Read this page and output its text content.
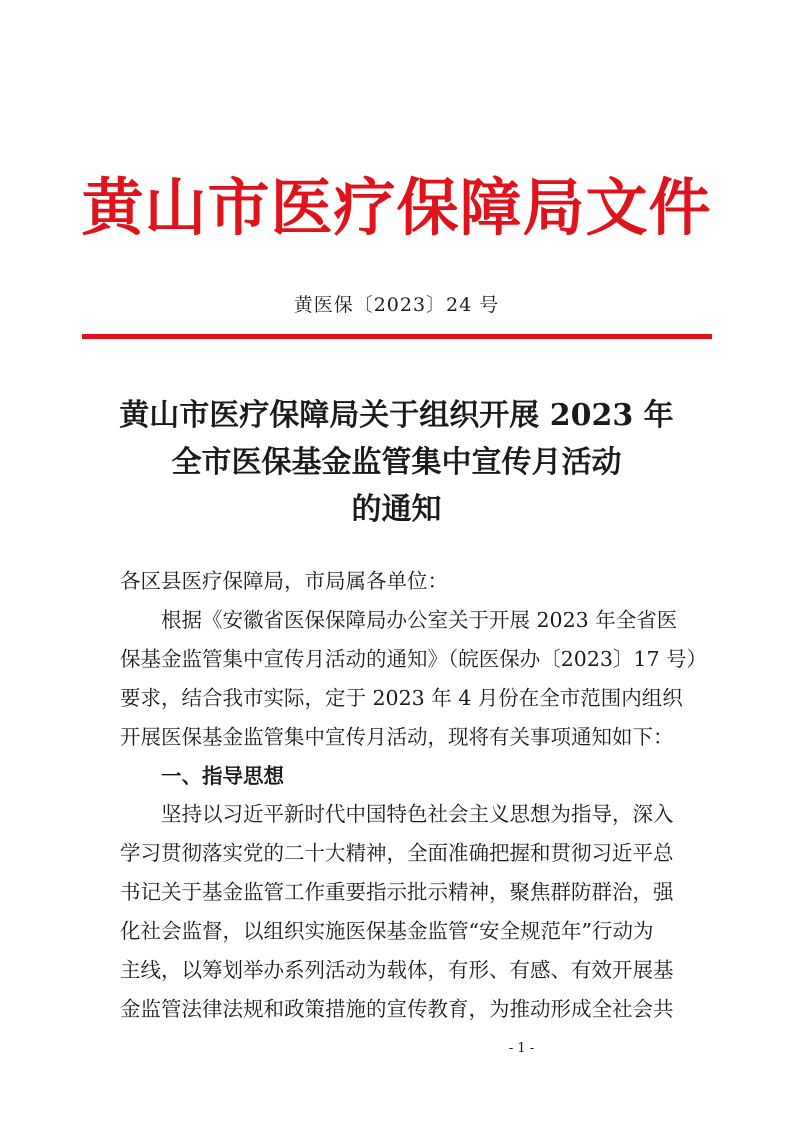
黄山市医疗保障局文件
黄医保〔2023〕24 号
黄山市医疗保障局关于组织开展 2023 年
全市医保基金监管集中宣传月活动
的通知

各区县医疗保障局，市局属各单位：

根据《安徽省医保保障局办公室关于开展 2023 年全省医

保基金监管集中宣传月活动的通知》（皖医保办〔2023〕17 号）
要求，结合我市实际，定于 2023 年 4 月份在全市范围内组织
开展医保基金监管集中宣传月活动，现将有关事项通知如下：

一、指导思想

坚持以习近平新时代中国特色社会主义思想为指导，深入

学习贯彻落实党的二十大精神，全面准确把握和贯彻习近平总
书记关于基金监管工作重要指示批示精神，聚焦群防群治，强
化社会监督，以组织实施医保基金监管“安全规范年”行动为
主线，以筹划举办系列活动为载体，有形、有感、有效开展基
金监管法律法规和政策措施的宣传教育，为推动形成全社会共

- 1 -
